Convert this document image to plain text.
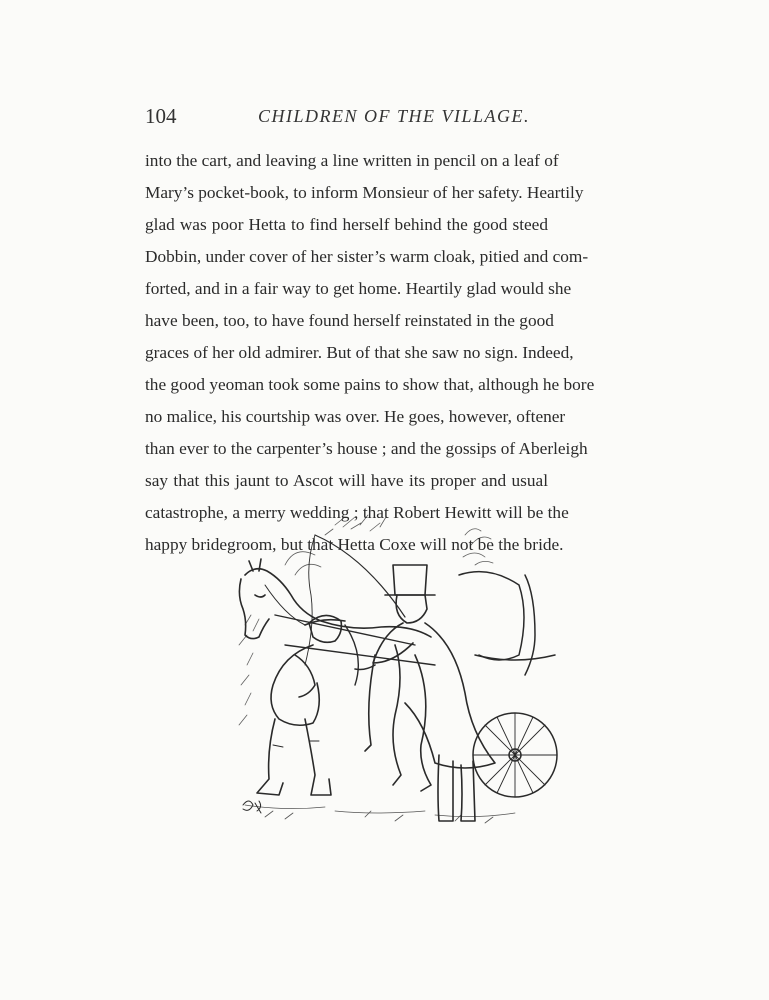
104	CHILDREN OF THE VILLAGE.
into the cart, and leaving a line written in pencil on a leaf of
Mary’s pocket-book, to inform Monsieur of her safety. Heartily
glad was poor Hetta to find herself behind the good steed
Dobbin, under cover of her sister’s warm cloak, pitied and com-
forted, and in a fair way to get home. Heartily glad would she
have been, too, to have found herself reinstated in the good
graces of her old admirer. But of that she saw no sign. Indeed,
the good yeoman took some pains to show that, although he bore
no malice, his courtship was over. He goes, however, oftener
than ever to the carpenter’s house ; and the gossips of Aberleigh
say that this jaunt to Ascot will have its proper and usual
catastrophe, a merry wedding ; that Robert Hewitt will be the
happy bridegroom, but that Hetta Coxe will not be the bride.
